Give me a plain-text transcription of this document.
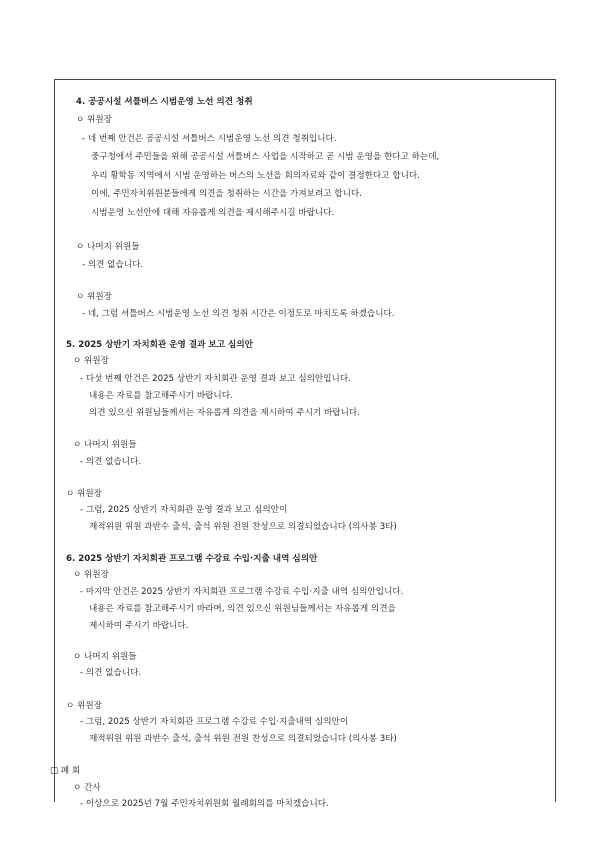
4. 공공시설 셔틀버스 시범운영 노선 의견 청취
ㅇ 위원장
- 네 번째 안건은 공공시설 셔틀버스 시범운영 노선 의견 청취입니다.
중구청에서 주민들을 위해 공공시설 셔틀버스 사업을 시작하고 곧 시범 운영을 한다고 하는데,
우리 황학동 지역에서 시범 운영하는 버스의 노선을 회의자료와 같이 결정한다고 합니다.
이에, 주민자치위원분들에게 의견을 청취하는 시간을 가져보려고 합니다.
시범운영 노선안에 대해 자유롭게 의견을 제시해주시길 바랍니다.
ㅇ 나머지 위원들
- 의견 없습니다.
ㅇ 위원장
- 네, 그럼 셔틀버스 시범운영 노선 의견 청취 시간은 이정도로 마치도록 하겠습니다.
5. 2025 상반기 자치회관 운영 결과 보고 심의안
ㅇ 위원장
- 다섯 번째 안건은 2025 상반기 자치회관 운영 결과 보고 심의안입니다.
내용은 자료를 참고해주시기 바랍니다.
의견 있으신 위원님들께서는 자유롭게 의견을 제시하여 주시기 바랍니다.
ㅇ 나머지 위원들
- 의견 없습니다.
ㅇ 위원장
- 그럼, 2025 상반기 자치회관 운영 결과 보고 심의안이
재적위원 위원 과반수 출석, 출석 위원 전원 찬성으로 의결되었습니다 (의사봉 3타)
6. 2025 상반기 자치회관 프로그램 수강료 수입·지출 내역 심의안
ㅇ 위원장
- 마지막 안건은 2025 상반기 자치회관 프로그램 수강료 수입·지출 내역 심의안입니다.
내용은 자료를 참고해주시기 바라며, 의견 있으신 위원님들께서는 자유롭게 의견을
제시하여 주시기 바랍니다.
ㅇ 나머지 위원들
- 의견 없습니다.
ㅇ 위원장
- 그럼, 2025 상반기 자치회관 프로그램 수강료 수입·지출내역 심의안이
재적위원 위원 과반수 출석, 출석 위원 전원 찬성으로 의결되었습니다 (의사봉 3타)
□ 폐 회
ㅇ 간사
- 이상으로 2025년 7월 주민자치위원회 월례회의를 마치겠습니다.
